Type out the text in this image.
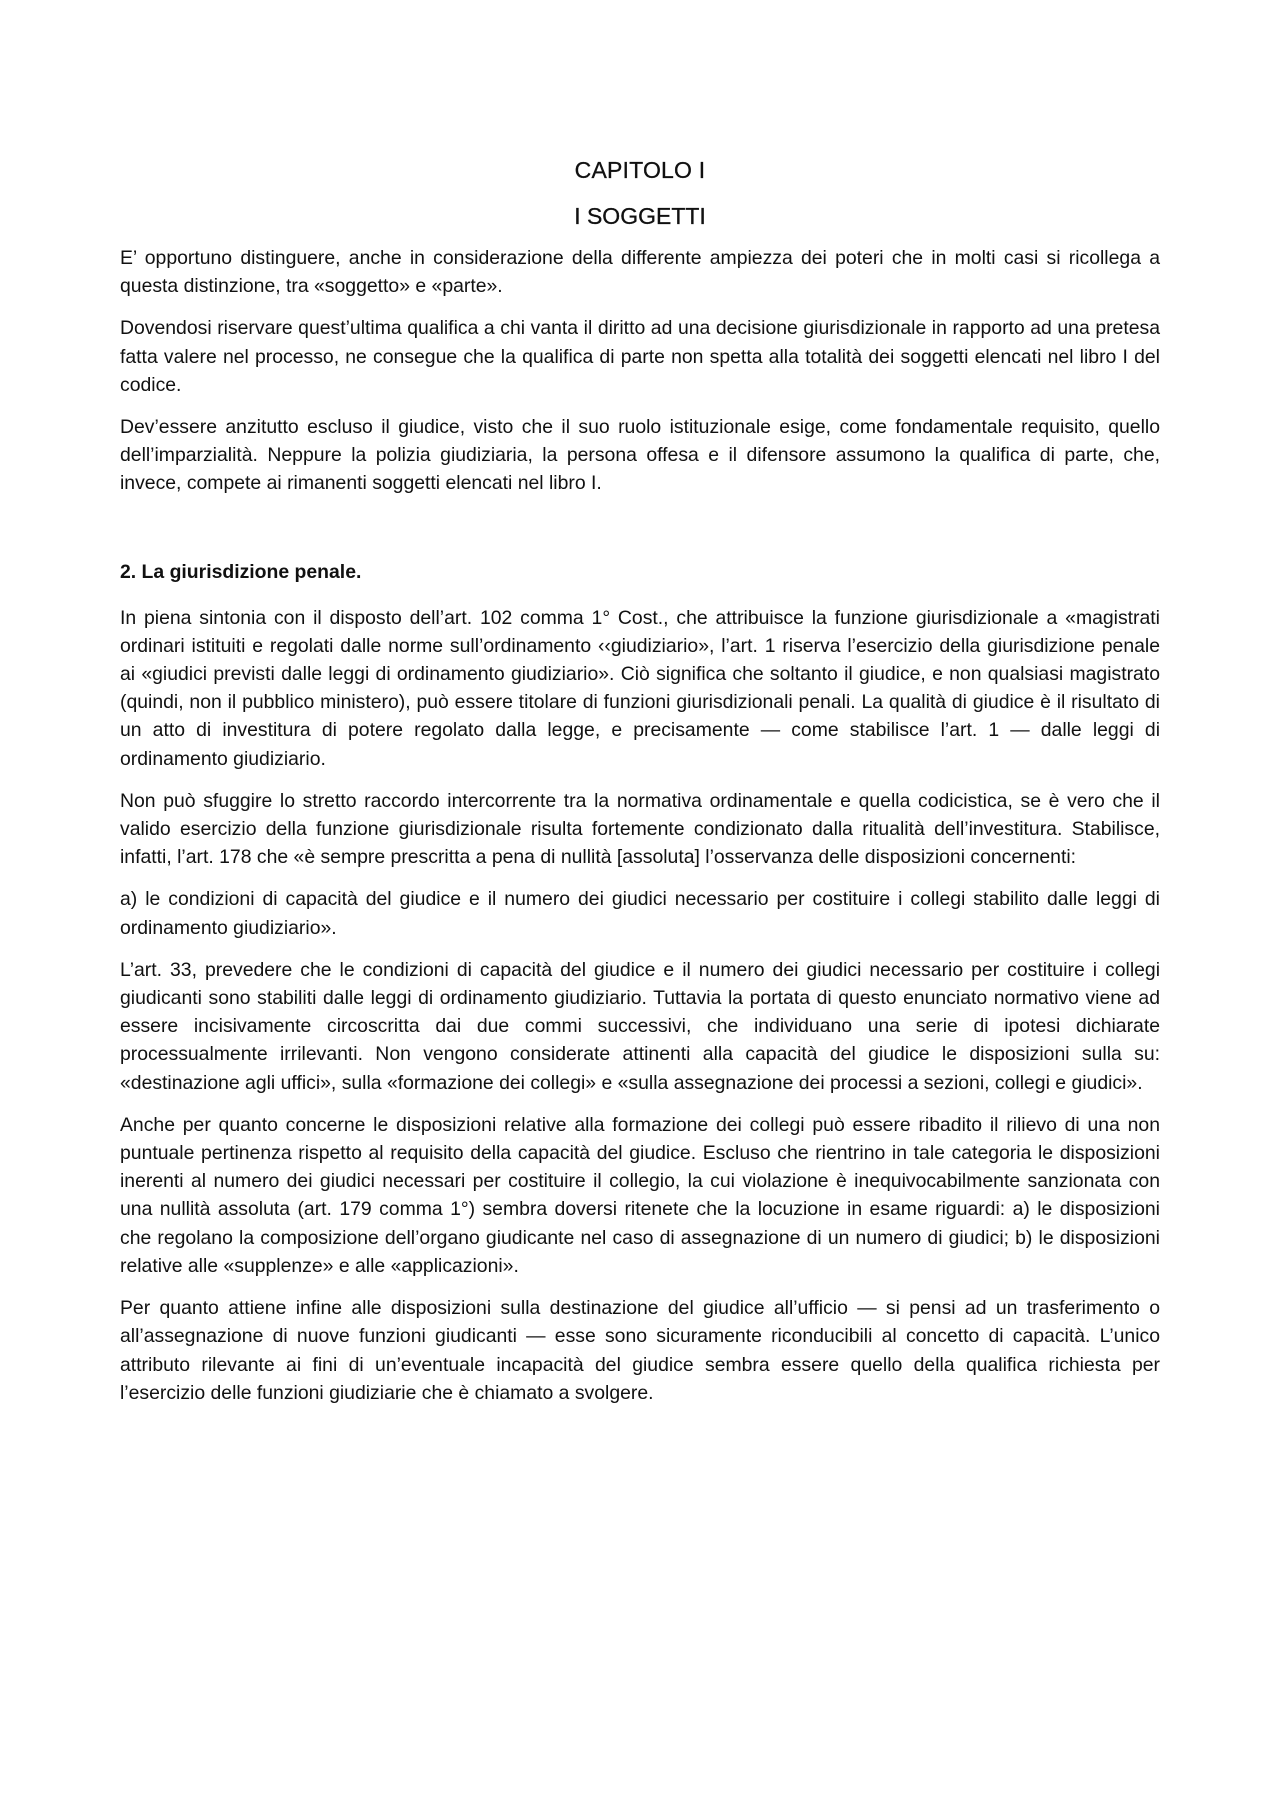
CAPITOLO I
I SOGGETTI

E’ opportuno distinguere, anche in considerazione della differente ampiezza dei poteri che in molti casi si ricollega a questa distinzione, tra «soggetto» e «parte».

Dovendosi riservare quest’ultima qualifica a chi vanta il diritto ad una decisione giurisdizionale in rapporto ad una pretesa fatta valere nel processo, ne consegue che la qualifica di parte non spetta alla totalità dei soggetti elencati nel libro I del codice.

Dev’essere anzitutto escluso il giudice, visto che il suo ruolo istituzionale esige, come fondamentale requisito, quello dell’imparzialità. Neppure la polizia giudiziaria, la persona offesa e il difensore assumono la qualifica di parte, che, invece, compete ai rimanenti soggetti elencati nel libro I.

2. La giurisdizione penale.

In piena sintonia con il disposto dell’art. 102 comma 1° Cost., che attribuisce la funzione giurisdizionale a «magistrati ordinari istituiti e regolati dalle norme sull’ordinamento ‹‹giudiziario», l’art. 1 riserva l’esercizio della giurisdizione penale ai «giudici previsti dalle leggi di ordinamento giudiziario». Ciò significa che soltanto il giudice, e non qualsiasi magistrato (quindi, non il pubblico ministero), può essere titolare di funzioni giurisdizionali penali. La qualità di giudice è il risultato di un atto di investitura di potere regolato dalla legge, e precisamente — come stabilisce l’art. 1 — dalle leggi di ordinamento giudiziario.

Non può sfuggire lo stretto raccordo intercorrente tra la normativa ordinamentale e quella codicistica, se è vero che il valido esercizio della funzione giurisdizionale risulta fortemente condizionato dalla ritualità dell’investitura. Stabilisce, infatti, l’art. 178 che «è sempre prescritta a pena di nullità [assoluta] l’osservanza delle disposizioni concernenti:

a) le condizioni di capacità del giudice e il numero dei giudici necessario per costituire i collegi stabilito dalle leggi di ordinamento giudiziario».

L’art. 33, prevedere che le condizioni di capacità del giudice e il numero dei giudici necessario per costituire i collegi giudicanti sono stabiliti dalle leggi di ordinamento giudiziario. Tuttavia la portata di questo enunciato normativo viene ad essere incisivamente circoscritta dai due commi successivi, che individuano una serie di ipotesi dichiarate processualmente irrilevanti. Non vengono considerate attinenti alla capacità del giudice le disposizioni sulla su: «destinazione agli uffici», sulla «formazione dei collegi» e «sulla assegnazione dei processi a sezioni, collegi e giudici».

Anche per quanto concerne le disposizioni relative alla formazione dei collegi può essere ribadito il rilievo di una non puntuale pertinenza rispetto al requisito della capacità del giudice. Escluso che rientrino in tale categoria le disposizioni inerenti al numero dei giudici necessari per costituire il collegio, la cui violazione è inequivocabilmente sanzionata con una nullità assoluta (art. 179 comma 1°) sembra doversi ritenete che la locuzione in esame riguardi: a) le disposizioni che regolano la composizione dell’organo giudicante nel caso di assegnazione di un numero di giudici; b) le disposizioni relative alle «supplenze» e alle «applicazioni».

Per quanto attiene infine alle disposizioni sulla destinazione del giudice all’ufficio — si pensi ad un trasferimento o all’assegnazione di nuove funzioni giudicanti — esse sono sicuramente riconducibili al concetto di capacità. L’unico attributo rilevante ai fini di un’eventuale incapacità del giudice sembra essere quello della qualifica richiesta per l’esercizio delle funzioni giudiziarie che è chiamato a svolgere.
